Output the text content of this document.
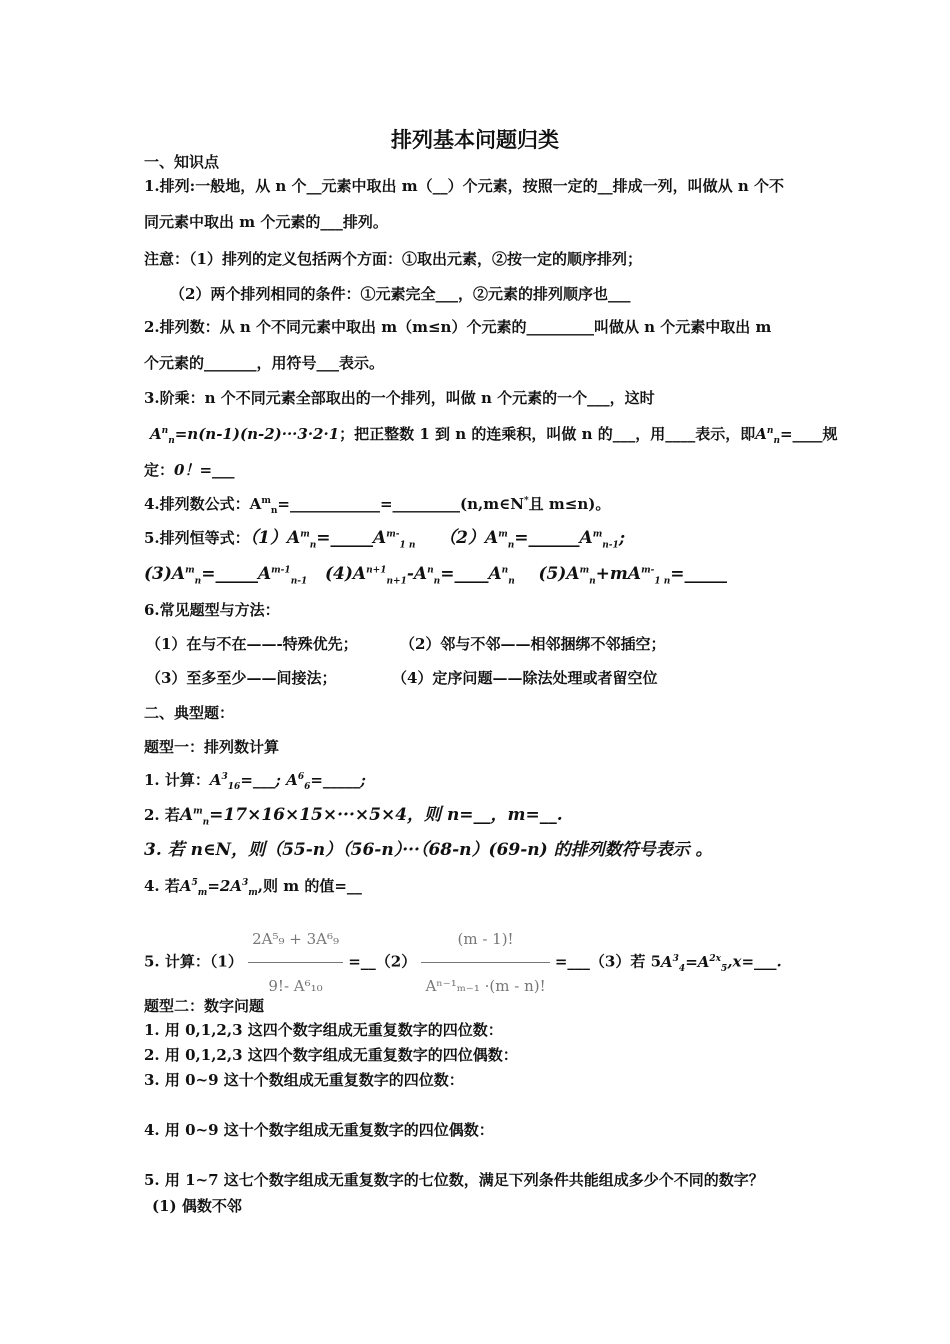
排列基本问题归类
一、知识点
1.排列:一般地，从 n 个__元素中取出 m（__）个元素，按照一定的__排成一列，叫做从 n 个不
同元素中取出 m 个元素的___排列。
注意：（1）排列的定义包括两个方面：①取出元素，②按一定的顺序排列；
（2）两个排列相同的条件：①元素完全___，②元素的排列顺序也___
2.排列数：从 n 个不同元素中取出 m（m≤n）个元素的_________叫做从 n 个元素中取出 m
个元素的_______，用符号___表示。
3.阶乘：n 个不同元素全部取出的一个排列，叫做 n 个元素的一个___，这时
$A^n_n=n(n-1)(n-2)\cdot\cdot\cdot 3\cdot 2\cdot 1$；把正整数 1 到 n 的连乘积，叫做 n 的___，用____表示，即$A^n_n=\_\_\_\_$规
定：0！=___
4.排列数公式：$A^m_n=\_\_\_\_\_\_\_\_\_\_\_\_=\_\_\_\_\_\_\_\_\_(n,m\in N^*$且 m≤n)。
5.排列恒等式：$(1)A^m_n=\_\_\_\_\_A^{m-}_{1 n}$ $(2)A^m_n=\_\_\_\_\_\_A^m_{n-1}$;
$(3)A^m_n=\_\_\_\_\_A^{m-1}_{n-1}$ $(4)A^{n+1}_{n+1}-A^n_n=\_\_\_\_A^n_n$ $(5)A^m_n+mA^{m-}_{1 n}=\_\_\_\_\_$
6.常见题型与方法：
（1）在与不在——-特殊优先；	（2）邻与不邻——相邻捆绑不邻插空；
（3）至多至少——间接法；	（4）定序问题——除法处理或者留空位
二、典型题：
题型一：排列数计算
1. 计算：$A^3_{16}=\_\_\_$; $A^6_6=\_\_\_\_\_$;
2. 若$A^m_n=17\times 16\times 15\times\cdot\cdot\cdot\times 5\times 4$，则 n=__，m=__.
3. 若 n∈N，则（55-n）（56-n）···（68-n）(69-n) 的排列数符号表示 。
4. 若$A^5_m=2A^3_m$,则 m 的值=__
5. 计算：$(1) \frac{\text{2A⁵₉ + 3A⁶₉}}{\text{9!- A⁶₁₀}}$ =__（2） $\frac{(m - 1)!}{\text{Aⁿ⁻¹ₘ₋₁ ·(m - n)!}}$ =___（3）若 $5A^3_4=A^{2x}_5,x=\_\_\_$.
题型二：数字问题
1. 用 0,1,2,3 这四个数字组成无重复数字的四位数：
2. 用 0,1,2,3 这四个数字组成无重复数字的四位偶数：
3. 用 0~9 这十个数组成无重复数字的四位数：
4. 用 0~9 这十个数字组成无重复数字的四位偶数：
5. 用 1~7 这七个数字组成无重复数字的七位数，满足下列条件共能组成多少个不同的数字？
(1) 偶数不邻
